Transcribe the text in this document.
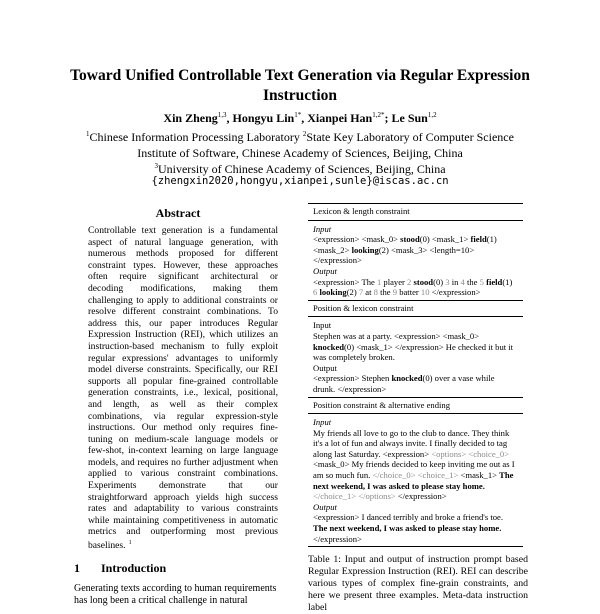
Toward Unified Controllable Text Generation via Regular Expression Instruction
Xin Zheng$^{1,3}$, Hongyu Lin$^{1*}$, Xianpei Han$^{1,2*}$; Le Sun$^{1,2}$
$^1$Chinese Information Processing Laboratory $^2$State Key Laboratory of Computer Science
Institute of Software, Chinese Academy of Sciences, Beijing, China
$^3$University of Chinese Academy of Sciences, Beijing, China
{zhengxin2020,hongyu,xianpei,sunle}@iscas.ac.cn
Abstract
Controllable text generation is a fundamental aspect of natural language generation, with numerous methods proposed for different constraint types. However, these approaches often require significant architectural or decoding modifications, making them challenging to apply to additional constraints or resolve different constraint combinations. To address this, our paper introduces Regular Expression Instruction (REI), which utilizes an instruction-based mechanism to fully exploit regular expressions' advantages to uniformly model diverse constraints. Specifically, our REI supports all popular fine-grained controllable generation constraints, i.e., lexical, positional, and length, as well as their complex combinations, via regular expression-style instructions. Our method only requires fine-tuning on medium-scale language models or few-shot, in-context learning on large language models, and requires no further adjustment when applied to various constraint combinations. Experiments demonstrate that our straightforward approach yields high success rates and adaptability to various constraints while maintaining competitiveness in automatic metrics and outperforming most previous baselines. $^1$
1 Introduction
Generating texts according to human requirements has long been a critical challenge in natural
Lexicon & length constraint
Input
<expression> <mask_0> stood(0) <mask_1> field(1) <mask_2> looking(2) <mask_3> <length=10> </expression>
Output
<expression> The 1 player 2 stood(0) 3 in 4 the 5 field(1) 6 looking(2) 7 at 8 the 9 batter 10 </expression>
Position & lexicon constraint
Input
Stephen was at a party. <expression> <mask_0> knocked(0) <mask_1> </expression> He checked it but it was completely broken.
Output
<expression> Stephen knocked(0) over a vase while drunk. </expression>
Position constraint & alternative ending
Input
My friends all love to go to the club to dance. They think it's a lot of fun and always invite. I finally decided to tag along last Saturday. <expression> <options> <choice_0> <mask_0> My friends decided to keep inviting me out as I am so much fun. </choice_0> <choice_1> <mask_1> The next weekend, I was asked to please stay home. </choice_1> </options> </expression>
Output
<expression> I danced terribly and broke a friend's toe. The next weekend, I was asked to please stay home. </expression>
Table 1: Input and output of instruction prompt based Regular Expression Instruction (REI). REI can describe various types of complex fine-grain constraints, and here we present three examples. Meta-data instruction label
